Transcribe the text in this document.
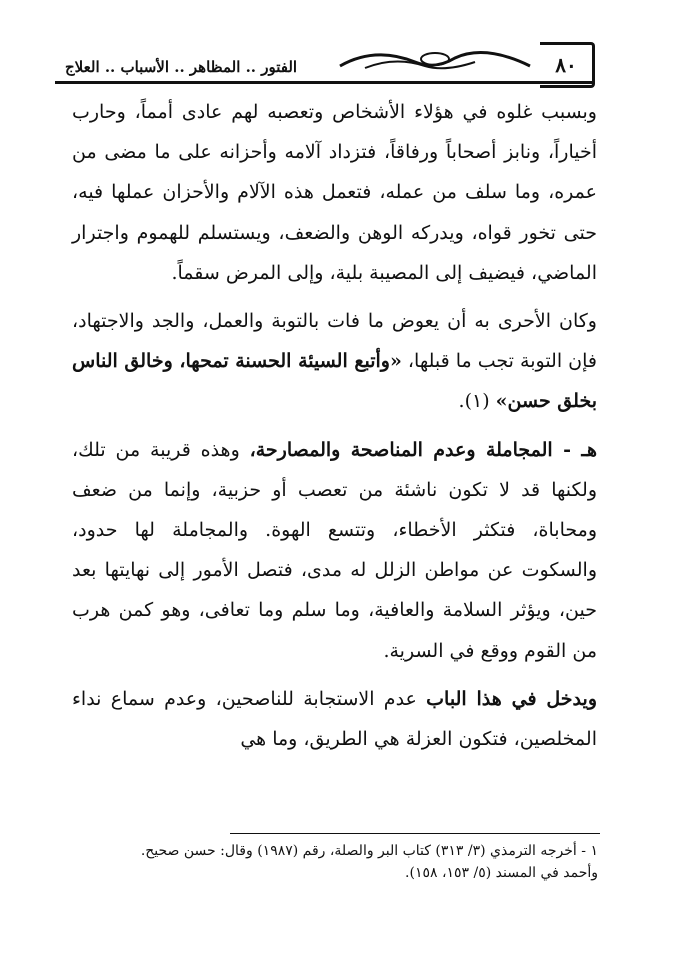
٨٠
الفتور .. المظاهر .. الأسباب .. العلاج

وبسبب غلوه في هؤلاء الأشخاص وتعصبه لهم عادى أمماً، وحارب أخياراً، ونابز أصحاباً ورفاقاً، فتزداد آلامه وأحزانه على ما مضى من عمره، وما سلف من عمله، فتعمل هذه الآلام والأحزان عملها فيه، حتى تخور قواه، ويدركه الوهن والضعف، ويستسلم للهموم واجترار الماضي، فيضيف إلى المصيبة بلية، وإلى المرض سقماً.

وكان الأحرى به أن يعوض ما فات بالتوبة والعمل، والجد والاجتهاد، فإن التوبة تجب ما قبلها، «وأتبع السيئة الحسنة تمحها، وخالق الناس بخلق حسن» (١).

هـ - المجاملة وعدم المناصحة والمصارحة، وهذه قريبة من تلك، ولكنها قد لا تكون ناشئة من تعصب أو حزبية، وإنما من ضعف ومحاباة، فتكثر الأخطاء، وتتسع الهوة. والمجاملة لها حدود، والسكوت عن مواطن الزلل له مدى، فتصل الأمور إلى نهايتها بعد حين، ويؤثر السلامة والعافية، وما سلم وما تعافى، وهو كمن هرب من القوم ووقع في السرية.

ويدخل في هذا الباب عدم الاستجابة للناصحين، وعدم سماع نداء المخلصين، فتكون العزلة هي الطريق، وما هي

١ - أخرجه الترمذي (٣/ ٣١٣) كتاب البر والصلة، رقم (١٩٨٧) وقال: حسن صحيح.

وأحمد في المسند (٥/ ١٥٣، ١٥٨).
